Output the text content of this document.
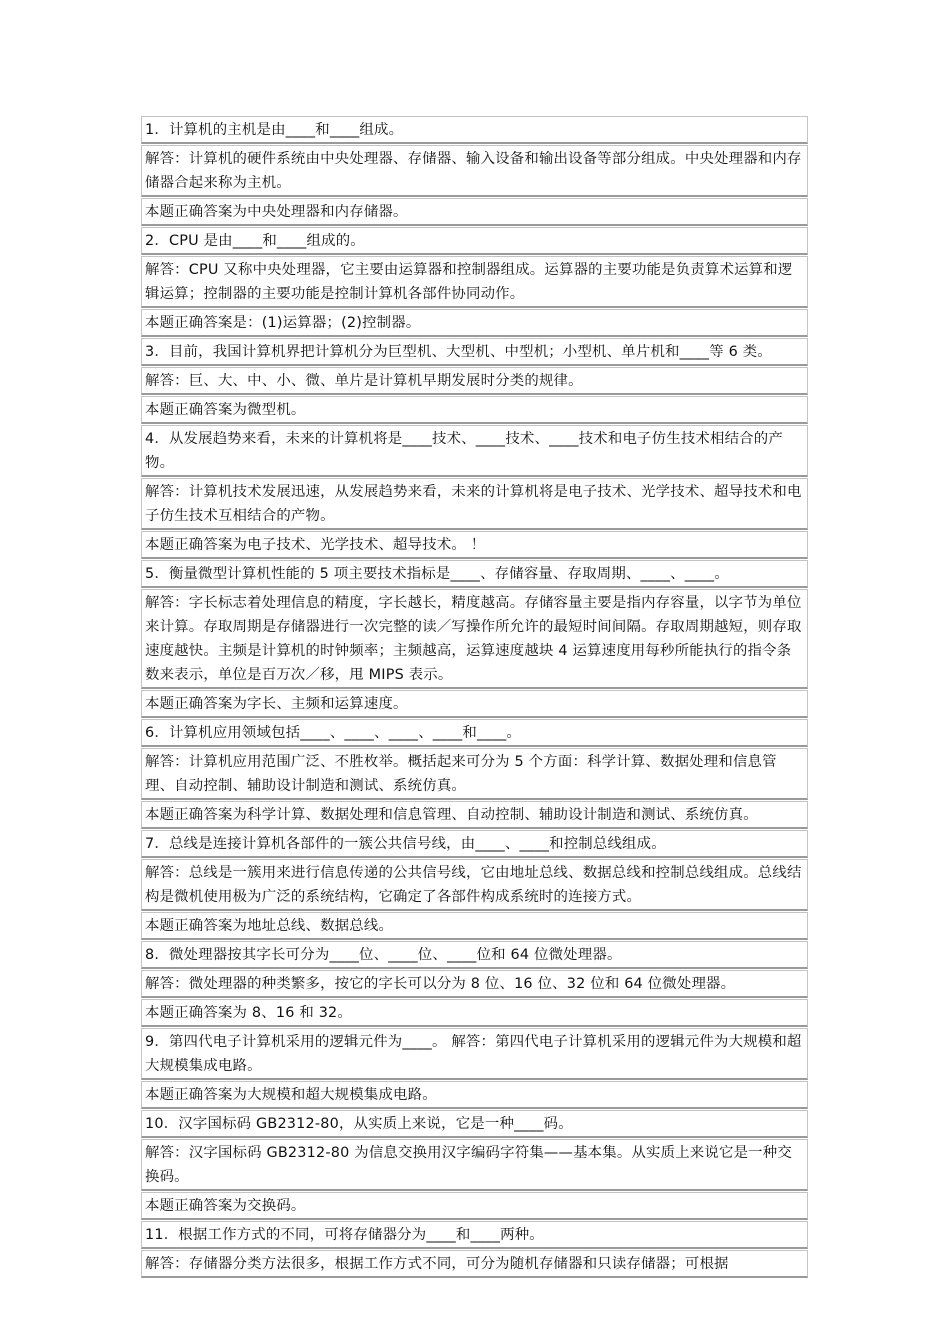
1．计算机的主机是由____和____组成。
解答：计算机的硬件系统由中央处理器、存储器、输入设备和输出设备等部分组成。中央处理器和内存储器合起来称为主机。
本题正确答案为中央处理器和内存储器。
2．CPU 是由____和____组成的。
解答：CPU 又称中央处理器，它主要由运算器和控制器组成。运算器的主要功能是负责算术运算和逻辑运算；控制器的主要功能是控制计算机各部件协同动作。
本题正确答案是：(1)运算器；(2)控制器。
3．目前，我国计算机界把计算机分为巨型机、大型机、中型机；小型机、单片机和____等 6 类。
解答：巨、大、中、小、微、单片是计算机早期发展时分类的规律。
本题正确答案为微型机。
4．从发展趋势来看，未来的计算机将是____技术、____技术、____技术和电子仿生技术相结合的产物。
解答：计算机技术发展迅速，从发展趋势来看，未来的计算机将是电子技术、光学技术、超导技术和电子仿生技术互相结合的产物。
本题正确答案为电子技术、光学技术、超导技术。 ！
5．衡量微型计算机性能的 5 项主要技术指标是____、存储容量、存取周期、____、____。
解答：字长标志着处理信息的精度，字长越长，精度越高。存储容量主要是指内存容量，以字节为单位来计算。存取周期是存储器进行一次完整的读／写操作所允许的最短时间间隔。存取周期越短，则存取速度越快。主频是计算机的时钟频率；主频越高，运算速度越块 4 运算速度用每秒所能执行的指令条数来表示，单位是百万次／移，甩 MIPS 表示。
本题正确答案为字长、主频和运算速度。
6．计算机应用领域包括____、____、____、____和____。
解答：计算机应用范围广泛、不胜枚举。概括起来可分为 5 个方面：科学计算、数据处理和信息管理、自动控制、辅助设计制造和测试、系统仿真。
本题正确答案为科学计算、数据处理和信息管理、自动控制、辅助设计制造和测试、系统仿真。
7．总线是连接计算机各部件的一簇公共信号线，由____、____和控制总线组成。
解答：总线是一簇用来进行信息传递的公共信号线，它由地址总线、数据总线和控制总线组成。总线结构是微机使用极为广泛的系统结构，它确定了各部件构成系统时的连接方式。
本题正确答案为地址总线、数据总线。
8．微处理器按其字长可分为____位、____位、____位和 64 位微处理器。
解答：微处理器的种类繁多，按它的字长可以分为 8 位、16 位、32 位和 64 位微处理器。
本题正确答案为 8、16 和 32。
9．第四代电子计算机采用的逻辑元件为____。 解答：第四代电子计算机采用的逻辑元件为大规模和超大规模集成电路。
本题正确答案为大规模和超大规模集成电路。
10．汉字国标码 GB2312-80，从实质上来说，它是一种____码。
解答：汉字国标码 GB2312-80 为信息交换用汉字编码字符集——基本集。从实质上来说它是一种交换码。
本题正确答案为交换码。
11．根据工作方式的不同，可将存储器分为____和____两种。
解答：存储器分类方法很多，根据工作方式不同，可分为随机存储器和只读存储器；可根据
